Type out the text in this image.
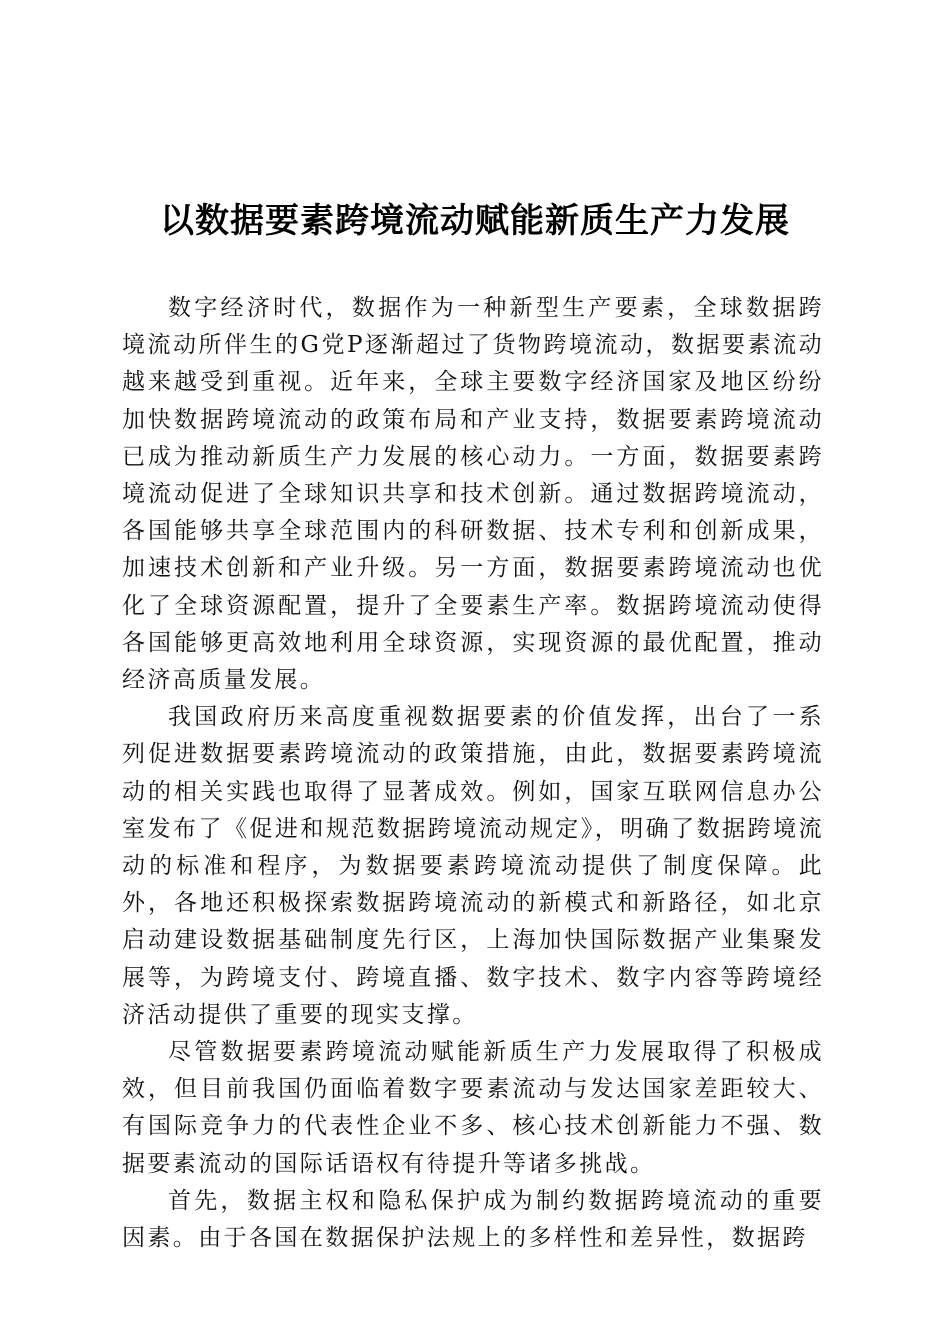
以数据要素跨境流动赋能新质生产力发展

数字经济时代，数据作为一种新型生产要素，全球数据跨境流动所伴生的G党P逐渐超过了货物跨境流动，数据要素流动越来越受到重视。近年来，全球主要数字经济国家及地区纷纷加快数据跨境流动的政策布局和产业支持，数据要素跨境流动已成为推动新质生产力发展的核心动力。一方面，数据要素跨境流动促进了全球知识共享和技术创新。通过数据跨境流动，各国能够共享全球范围内的科研数据、技术专利和创新成果，加速技术创新和产业升级。另一方面，数据要素跨境流动也优化了全球资源配置，提升了全要素生产率。数据跨境流动使得各国能够更高效地利用全球资源，实现资源的最优配置，推动经济高质量发展。

我国政府历来高度重视数据要素的价值发挥，出台了一系列促进数据要素跨境流动的政策措施，由此，数据要素跨境流动的相关实践也取得了显著成效。例如，国家互联网信息办公室发布了《促进和规范数据跨境流动规定》，明确了数据跨境流动的标准和程序，为数据要素跨境流动提供了制度保障。此外，各地还积极探索数据跨境流动的新模式和新路径，如北京启动建设数据基础制度先行区，上海加快国际数据产业集聚发展等，为跨境支付、跨境直播、数字技术、数字内容等跨境经济活动提供了重要的现实支撑。

尽管数据要素跨境流动赋能新质生产力发展取得了积极成效，但目前我国仍面临着数字要素流动与发达国家差距较大、有国际竞争力的代表性企业不多、核心技术创新能力不强、数据要素流动的国际话语权有待提升等诸多挑战。

首先，数据主权和隐私保护成为制约数据跨境流动的重要因素。由于各国在数据保护法规上的多样性和差异性，数据跨
